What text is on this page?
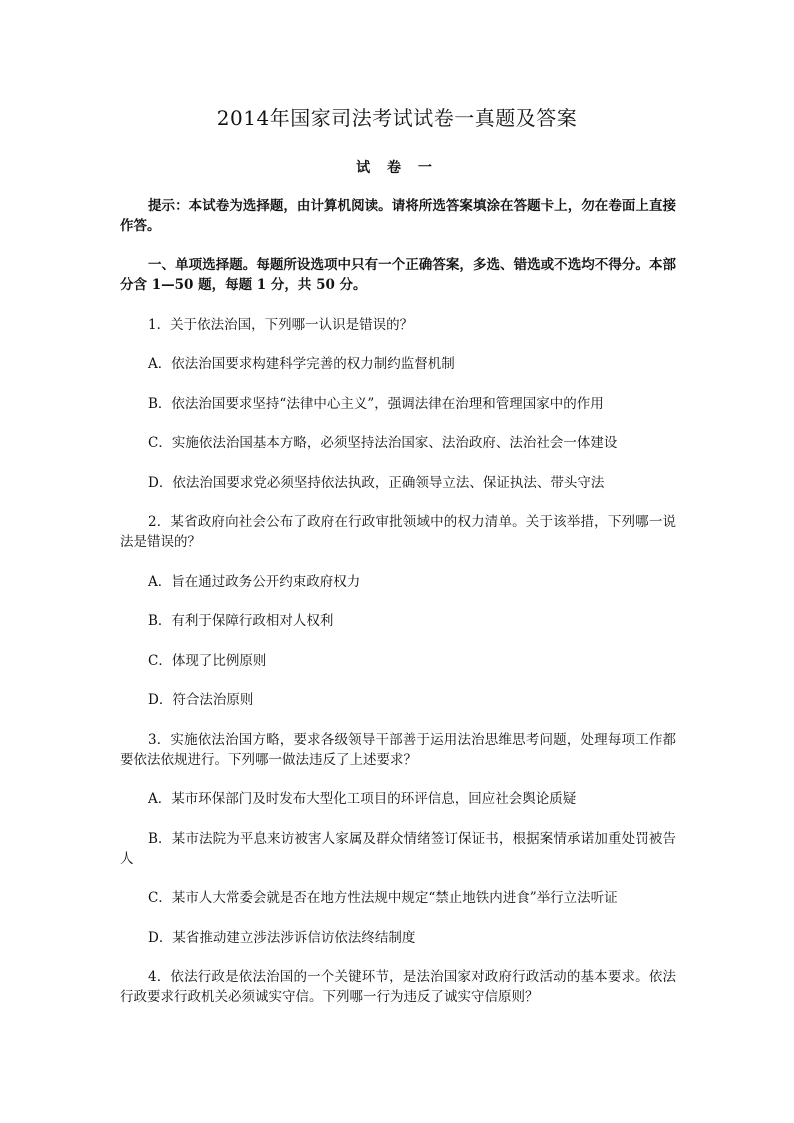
2014年国家司法考试试卷一真题及答案
试 卷 一

提示：本试卷为选择题，由计算机阅读。请将所选答案填涂在答题卡上，勿在卷面上直接作答。

一、单项选择题。每题所设选项中只有一个正确答案，多选、错选或不选均不得分。本部分含 1—50 题，每题 1 分，共 50 分。

1．关于依法治国，下列哪一认识是错误的？

A．依法治国要求构建科学完善的权力制约监督机制

B．依法治国要求坚持“法律中心主义”，强调法律在治理和管理国家中的作用

C．实施依法治国基本方略，必须坚持法治国家、法治政府、法治社会一体建设

D．依法治国要求党必须坚持依法执政，正确领导立法、保证执法、带头守法

2．某省政府向社会公布了政府在行政审批领域中的权力清单。关于该举措，下列哪一说法是错误的？

A．旨在通过政务公开约束政府权力

B．有利于保障行政相对人权利

C．体现了比例原则

D．符合法治原则

3．实施依法治国方略，要求各级领导干部善于运用法治思维思考问题，处理每项工作都要依法依规进行。下列哪一做法违反了上述要求？

A．某市环保部门及时发布大型化工项目的环评信息，回应社会舆论质疑

B．某市法院为平息来访被害人家属及群众情绪签订保证书，根据案情承诺加重处罚被告人

C．某市人大常委会就是否在地方性法规中规定“禁止地铁内进食”举行立法听证

D．某省推动建立涉法涉诉信访依法终结制度

4．依法行政是依法治国的一个关键环节，是法治国家对政府行政活动的基本要求。依法行政要求行政机关必须诚实守信。下列哪一行为违反了诚实守信原则？
